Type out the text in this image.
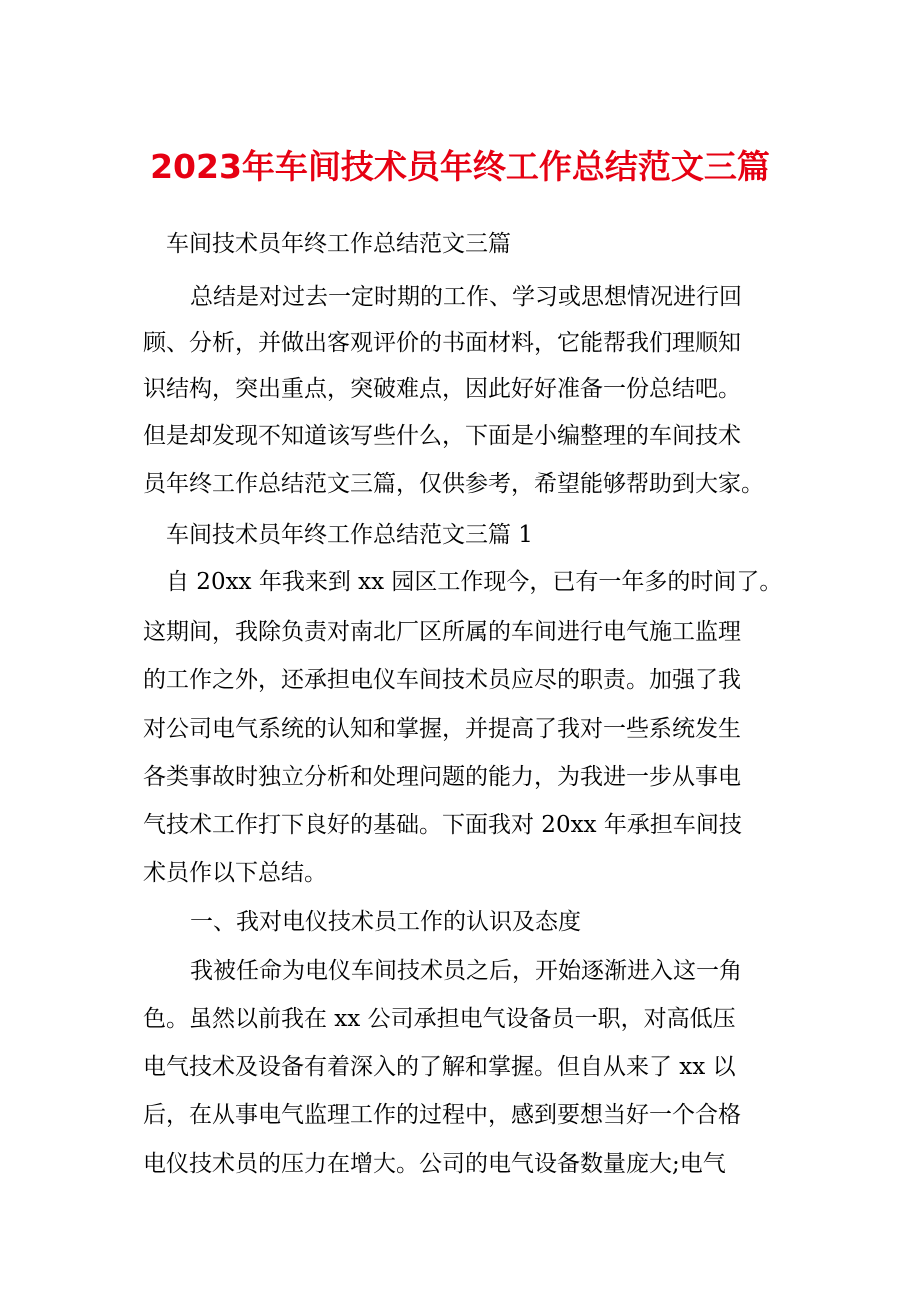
2023年车间技术员年终工作总结范文三篇

车间技术员年终工作总结范文三篇

总结是对过去一定时期的工作、学习或思想情况进行回

顾、分析，并做出客观评价的书面材料，它能帮我们理顺知

识结构，突出重点，突破难点，因此好好准备一份总结吧。

但是却发现不知道该写些什么，下面是小编整理的车间技术

员年终工作总结范文三篇，仅供参考，希望能够帮助到大家。

车间技术员年终工作总结范文三篇 1

自 20xx 年我来到 xx 园区工作现今，已有一年多的时间了。

这期间，我除负责对南北厂区所属的车间进行电气施工监理

的工作之外，还承担电仪车间技术员应尽的职责。加强了我

对公司电气系统的认知和掌握，并提高了我对一些系统发生

各类事故时独立分析和处理问题的能力，为我进一步从事电

气技术工作打下良好的基础。下面我对 20xx 年承担车间技

术员作以下总结。

一、我对电仪技术员工作的认识及态度

我被任命为电仪车间技术员之后，开始逐渐进入这一角

色。虽然以前我在 xx 公司承担电气设备员一职，对高低压

电气技术及设备有着深入的了解和掌握。但自从来了 xx 以

后，在从事电气监理工作的过程中，感到要想当好一个合格

电仪技术员的压力在增大。公司的电气设备数量庞大;电气
